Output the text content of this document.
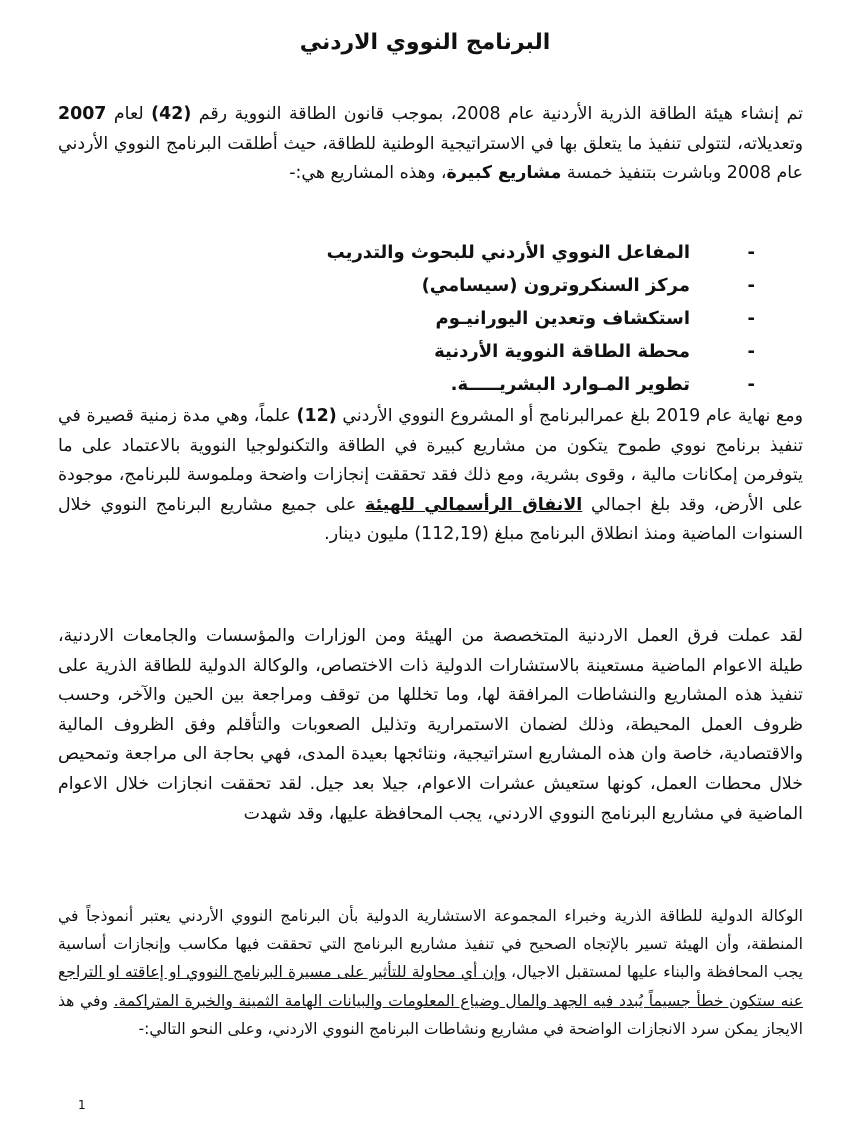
البرنامج النووي الاردني

تم إنشاء هيئة الطاقة الذرية الأردنية عام 2008، بموجب قانون الطاقة النووية رقم (42) لعام 2007 وتعديلاته، لتتولى تنفيذ ما يتعلق بها في الاستراتيجية الوطنية للطاقة، حيث أطلقت البرنامج النووي الأردني عام 2008 وباشرت بتنفيذ خمسة مشاريع كبيرة، وهذه المشاريع هي:-

-
المفاعل النووي الأردني للبحوث والتدريب
-
مركز السنكروترون (سيسامي)
-
استكشاف وتعدين اليورانيـوم
-
محطة الطاقة النووية الأردنية
-
تطوير المـوارد البشريـــــة.

ومع نهاية عام 2019 بلغ عمرالبرنامج أو المشروع النووي الأردني (12) علماً، وهي مدة زمنية قصيرة في تنفيذ برنامج نووي طموح يتكون من مشاريع كبيرة في الطاقة والتكنولوجيا النووية بالاعتماد على ما يتوفرمن إمكانات مالية ، وقوى بشرية، ومع ذلك فقد تحققت إنجازات واضحة وملموسة للبرنامج، موجودة على الأرض، وقد بلغ اجمالي الانفاق الرأسمالي للهيئة على جميع مشاريع البرنامج النووي خلال السنوات الماضية ومنذ انطلاق البرنامج مبلغ (112,19) مليون دينار.

لقد عملت فرق العمل الاردنية المتخصصة من الهيئة ومن الوزارات والمؤسسات والجامعات الاردنية، طيلة الاعوام الماضية مستعينة بالاستشارات الدولية ذات الاختصاص، والوكالة الدولية للطاقة الذرية على تنفيذ هذه المشاريع والنشاطات المرافقة لها، وما تخللها من توقف ومراجعة بين الحين والآخر، وحسب ظروف العمل المحيطة، وذلك لضمان الاستمرارية وتذليل الصعوبات والتأقلم وفق الظروف المالية والاقتصادية، خاصة وان هذه المشاريع استراتيجية، ونتائجها بعيدة المدى، فهي بحاجة الى مراجعة وتمحيص خلال محطات العمل، كونها ستعيش عشرات الاعوام، جيلا بعد جيل. لقد تحققت انجازات خلال الاعوام الماضية في مشاريع البرنامج النووي الاردني، يجب المحافظة عليها، وقد شهدت

الوكالة الدولية للطاقة الذرية وخبراء المجموعة الاستشارية الدولية بأن البرنامج النووي الأردني يعتبر أنموذجاً في المنطقة، وأن الهيئة تسير بالإتجاه الصحيح في تنفيذ مشاريع البرنامج التي تحققت فيها مكاسب وإنجازات أساسية يجب المحافظة والبناء عليها لمستقبل الاجيال، وإن أي محاولة للتأثير على مسيرة البرنامج النووي او إعاقته او التراجع عنه ستكون خطأ جسيماً يُبدد فيه الجهد والمال وضياع المعلومات والبيانات الهامة الثمينة والخبرة المتراكمة. وفي هذ الايجاز يمكن سرد الانجازات الواضحة في مشاريع ونشاطات البرنامج النووي الاردني، وعلى النحو التالي:-

1
